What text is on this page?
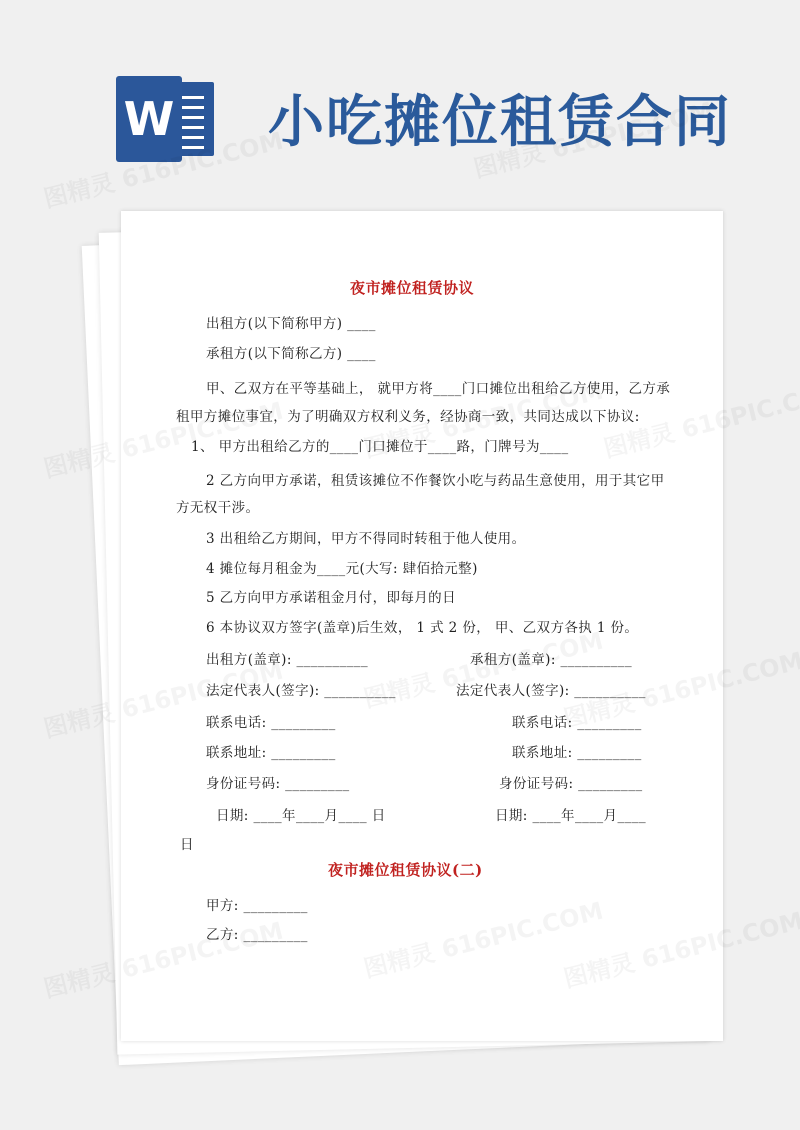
W 小吃摊位租赁合同
夜市摊位租赁协议
出租方(以下简称甲方) ____
承租方(以下简称乙方) ____
甲、乙双方在平等基础上， 就甲方将____门口摊位出租给乙方使用，乙方承
租甲方摊位事宜，为了明确双方权利义务，经协商一致，共同达成以下协议:
1、 甲方出租给乙方的____门口摊位于____路，门牌号为____
2 乙方向甲方承诺，租赁该摊位不作餐饮小吃与药品生意使用，用于其它甲
方无权干涉。
3 出租给乙方期间，甲方不得同时转租于他人使用。
4 摊位每月租金为____元(大写: 肆佰拾元整)
5 乙方向甲方承诺租金月付，即每月的日
6 本协议双方签字(盖章)后生效， 1 式 2 份， 甲、乙双方各执 1 份。
出租方(盖章): __________
法定代表人(签字): __________
联系电话: _________
联系地址: _________
身份证号码: _________
日期: ____年____月____ 日
承租方(盖章): __________
法定代表人(签字): __________
联系电话: _________
联系地址: _________
身份证号码: _________
日期: ____年____月____
日
夜市摊位租赁协议(二)
甲方: _________
乙方: _________
